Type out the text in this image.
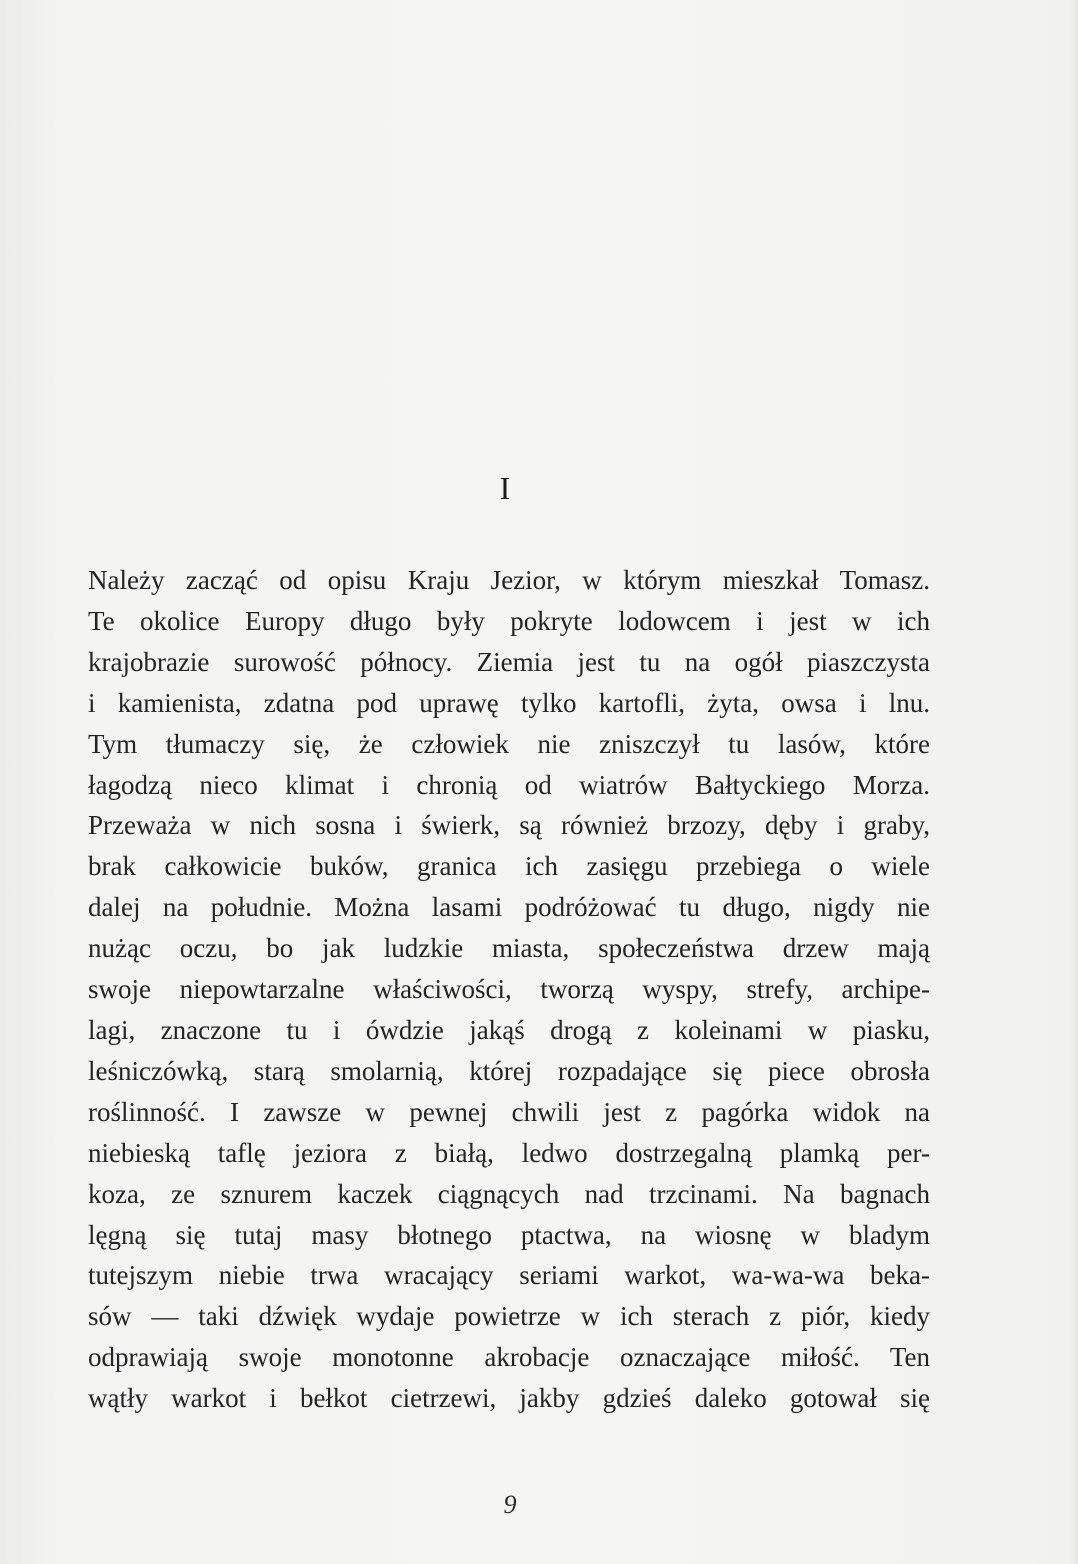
I
Należy zacząć od opisu Kraju Jezior, w którym mieszkał Tomasz.
Te okolice Europy długo były pokryte lodowcem i jest w ich
krajobrazie surowość północy. Ziemia jest tu na ogół piaszczysta
i kamienista, zdatna pod uprawę tylko kartofli, żyta, owsa i lnu.
Tym tłumaczy się, że człowiek nie zniszczył tu lasów, które
łagodzą nieco klimat i chronią od wiatrów Bałtyckiego Morza.
Przeważa w nich sosna i świerk, są również brzozy, dęby i graby,
brak całkowicie buków, granica ich zasięgu przebiega o wiele
dalej na południe. Można lasami podróżować tu długo, nigdy nie
nużąc oczu, bo jak ludzkie miasta, społeczeństwa drzew mają
swoje niepowtarzalne właściwości, tworzą wyspy, strefy, archipe-
lagi, znaczone tu i ówdzie jakąś drogą z koleinami w piasku,
leśniczówką, starą smolarnią, której rozpadające się piece obrosła
roślinność. I zawsze w pewnej chwili jest z pagórka widok na
niebieską taflę jeziora z białą, ledwo dostrzegalną plamką per-
koza, ze sznurem kaczek ciągnących nad trzcinami. Na bagnach
lęgną się tutaj masy błotnego ptactwa, na wiosnę w bladym
tutejszym niebie trwa wracający seriami warkot, wa-wa-wa beka-
sów — taki dźwięk wydaje powietrze w ich sterach z piór, kiedy
odprawiają swoje monotonne akrobacje oznaczające miłość. Ten
wątły warkot i bełkot cietrzewi, jakby gdzieś daleko gotował się
9
